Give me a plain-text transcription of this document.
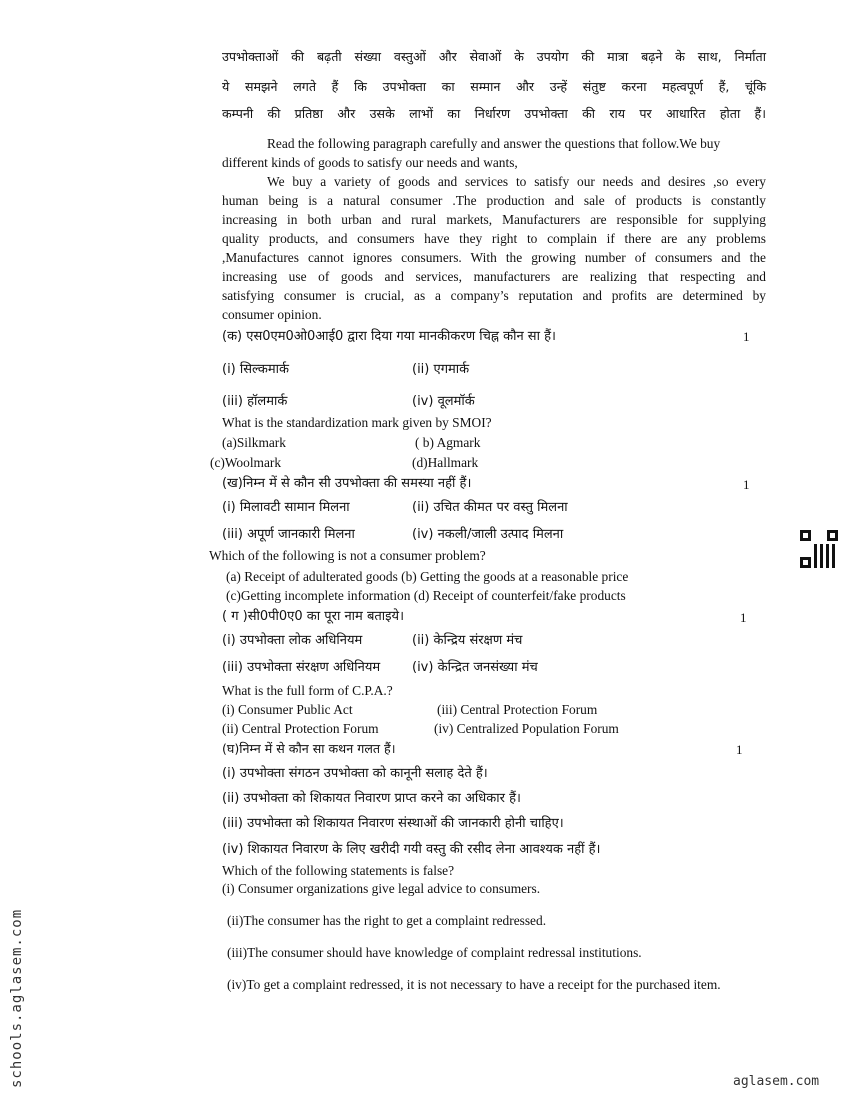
उपभोक्ताओं की बढ़ती संख्या वस्तुओं और सेवाओं के उपयोग की मात्रा बढ़ने के साथ, निर्माता
ये समझने लगते हैं कि उपभोक्ता का सम्मान और उन्हें संतुष्ट करना महत्वपूर्ण हैं, चूंकि
कम्पनी की प्रतिष्ठा और उसके लाभों का निर्धारण उपभोक्ता की राय पर आधारित होता हैं।
Read the following paragraph carefully and answer the questions that follow.We buy
different kinds of goods to satisfy our needs and wants,
We buy a variety of goods and services to satisfy our needs and desires ,so every
human being is a natural consumer .The production and sale of products is constantly
increasing in both urban and rural markets, Manufacturers are responsible for supplying
quality products, and consumers have they right to complain if there are any problems
,Manufactures cannot ignores consumers. With the growing number of consumers and the
increasing use of goods and services, manufacturers are realizing that respecting and
satisfying consumer is crucial, as a company’s reputation and profits are determined by
consumer opinion.
(क) एस0एम0ओ0आई0 द्वारा दिया गया मानकीकरण चिह्न कौन सा हैं।	1
(i) सिल्कमार्क	(ii) एगमार्क
(iii) हॉलमार्क	(iv) वूलमॉर्क
What is the standardization mark given by SMOI?
(a)Silkmark	( b) Agmark
(c)Woolmark	(d)Hallmark
(ख)निम्न में से कौन सी उपभोक्ता की समस्या नहीं हैं।	1
(i) मिलावटी सामान मिलना	(ii) उचित कीमत पर वस्तु मिलना
(iii) अपूर्ण जानकारी मिलना	(iv) नकली/जाली उत्पाद मिलना
Which of the following is not a consumer problem?
(a) Receipt of adulterated goods (b) Getting the goods at a reasonable price
(c)Getting incomplete information (d) Receipt of counterfeit/fake products
( ग )सी0पी0ए0 का पूरा नाम बताइये।	1
(i) उपभोक्ता लोक अधिनियम	(ii) केन्द्रिय संरक्षण मंच
(iii) उपभोक्ता संरक्षण अधिनियम (iv) केन्द्रित जनसंख्या मंच
What is the full form of C.P.A.?
(i) Consumer Public Act	(iii) Central Protection Forum
(ii) Central Protection Forum	(iv) Centralized Population Forum
(घ)निम्न में से कौन सा कथन गलत हैं।	1
(i) उपभोक्ता संगठन उपभोक्ता को कानूनी सलाह देते हैं।
(ii) उपभोक्ता को शिकायत निवारण प्राप्त करने का अधिकार हैं।
(iii) उपभोक्ता को शिकायत निवारण संस्थाओं की जानकारी होनी चाहिए।
(iv) शिकायत निवारण के लिए खरीदी गयी वस्तु की रसीद लेना आवश्यक नहीं हैं।
Which of the following statements is false?
(i) Consumer organizations give legal advice to consumers.
(ii)The consumer has the right to get a complaint redressed.
(iii)The consumer should have knowledge of complaint redressal institutions.
(iv)To get a complaint redressed, it is not necessary to have a receipt for the purchased item.
schools.aglasem.com	aglasem.com
